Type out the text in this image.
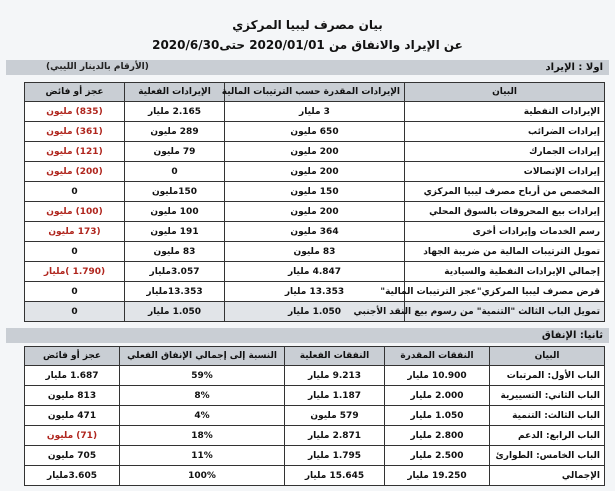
بيان مصرف ليبيا المركزي
عن الإيراد والانفاق من 2020/01/01 حتى2020/6/30
اولا : الإيراد
(الأرقام بالدينار الليبي)
البيان	الإيرادات المقدرة حسب الترتيبات المالية	الإيرادات الفعلية	عجز أو فائض
الإيرادات النفطية	3 مليار	2.165 مليار	(835) مليون
إيرادات الضرائب	650 مليون	289 مليون	(361) مليون
إيرادات الجمارك	200 مليون	79 مليون	(121) مليون
إيرادات الإتصالات	200 مليون	0	(200) مليون
المخصص من أرباح مصرف ليبيا المركزي	150 مليون	150مليون	0
إيرادات بيع المحروقات بالسوق المحلي	200 مليون	100 مليون	(100) مليون
رسم الخدمات وإيرادات أخرى	364 مليون	191 مليون	(173 مليون
تمويل الترتيبات المالية من ضريبة الجهاد	83 مليون	83 مليون	0
إجمالي الإيرادات النفطية والسيادية	4.847 مليار	3.057مليار	(1.790 )مليار
قرض مصرف ليبيا المركزي"عجز الترتيبات المالية"	13.353 مليار	13.353مليار	0
تمويل الباب الثالث "التنمية" من رسوم بيع النقد الأجنبي	1.050 مليار	1.050 مليار	0
ثانيا: الإنفاق
البيان	النفقات المقدرة	النفقات الفعلية	النسبة إلى إجمالي الإنفاق الفعلي	عجز أو فائض
الباب الأول: المرتبات	10.900 مليار	9.213 مليار	59%	1.687 مليار
الباب الثاني: التسييرية	2.000 مليار	1.187 مليار	8%	813 مليون
الباب الثالث: التنمية	1.050 مليار	579 مليون	4%	471 مليون
الباب الرابع: الدعم	2.800 مليار	2.871 مليار	18%	(71) مليون
الباب الخامس: الطوارئ	2.500 مليار	1.795 مليار	11%	705 مليون
الإجمالي	19.250 مليار	15.645 مليار	100%	3.605مليار
